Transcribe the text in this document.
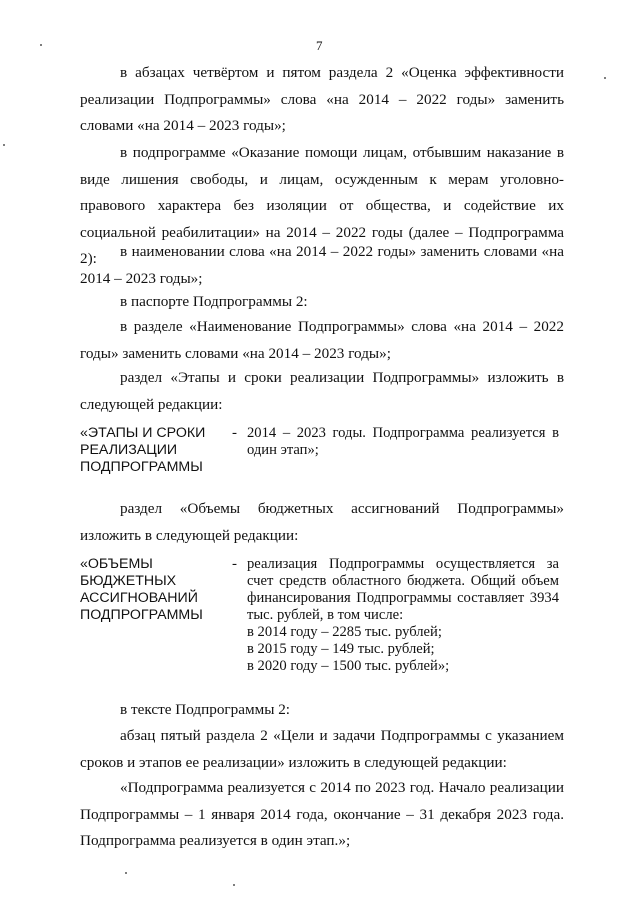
7

в абзацах четвёртом и пятом раздела 2 «Оценка эффективности реализации Подпрограммы» слова «на 2014 – 2022 годы» заменить словами «на 2014 – 2023 годы»;

в подпрограмме «Оказание помощи лицам, отбывшим наказание в виде лишения свободы, и лицам, осужденным к мерам уголовно-правового характера без изоляции от общества, и содействие их социальной реабилитации» на 2014 – 2022 годы (далее – Подпрограмма 2):	в наименовании слова «на 2014 – 2022 годы» заменить словами «на 2014 – 2023 годы»;

в паспорте Подпрограммы 2:

в разделе «Наименование Подпрограммы» слова «на 2014 – 2022 годы» заменить словами «на 2014 – 2023 годы»;

раздел «Этапы и сроки реализации Подпрограммы» изложить в следующей редакции:

«ЭТАПЫ И СРОКИ РЕАЛИЗАЦИИ ПОДПРОГРАММЫ
- 2014 – 2023 годы. Подпрограмма реализуется в один этап»;

раздел «Объемы бюджетных ассигнований Подпрограммы» изложить в следующей редакции:

«ОБЪЕМЫ БЮДЖЕТНЫХ АССИГНОВАНИЙ ПОДПРОГРАММЫ
- реализация Подпрограммы осуществляется за счет средств областного бюджета. Общий объем финансирования Подпрограммы составляет 3934 тыс. рублей, в том числе:
в 2014 году – 2285 тыс. рублей;
в 2015 году – 149 тыс. рублей;
в 2020 году – 1500 тыс. рублей»;

в тексте Подпрограммы 2:

абзац пятый раздела 2 «Цели и задачи Подпрограммы с указанием сроков и этапов ее реализации» изложить в следующей редакции:

«Подпрограмма реализуется с 2014 по 2023 год. Начало реализации Подпрограммы – 1 января 2014 года, окончание – 31 декабря 2023 года. Подпрограмма реализуется в один этап.»;
